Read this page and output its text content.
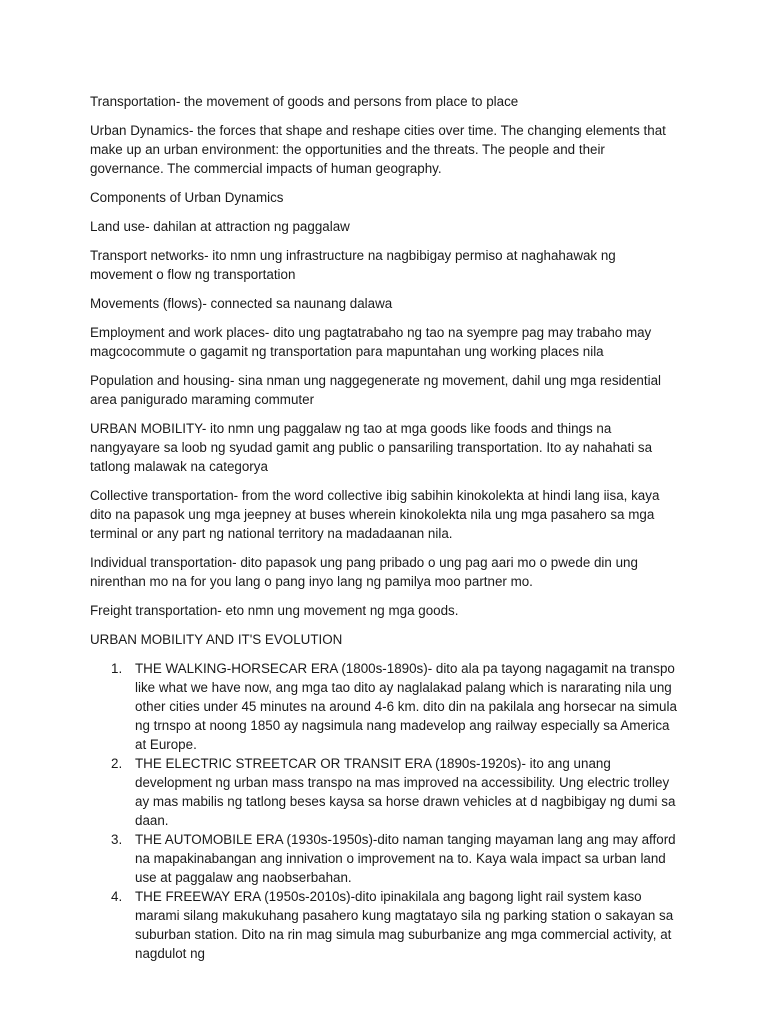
Transportation- the movement of goods and persons from place to place

Urban Dynamics- the forces that shape and reshape cities over time. The changing elements that make up an urban environment: the opportunities and the threats. The people and their governance. The commercial impacts of human geography.

Components of Urban Dynamics

Land use- dahilan at attraction ng paggalaw

Transport networks- ito nmn ung infrastructure na nagbibigay permiso at naghahawak ng movement o flow ng transportation

Movements (flows)- connected sa naunang dalawa

Employment and work places- dito ung pagtatrabaho ng tao na syempre pag may trabaho may magcocommute o gagamit ng transportation para mapuntahan ung working places nila

Population and housing- sina nman ung naggegenerate ng movement, dahil ung mga residential area panigurado maraming commuter

URBAN MOBILITY- ito nmn ung paggalaw ng tao at mga goods like foods and things na nangyayare sa loob ng syudad gamit ang public o pansariling transportation. Ito ay nahahati sa tatlong malawak na categorya

Collective transportation- from the word collective ibig sabihin kinokolekta at hindi lang iisa, kaya dito na papasok ung mga jeepney at buses wherein kinokolekta nila ung mga pasahero sa mga terminal or any part ng national territory na madadaanan nila.

Individual transportation- dito papasok ung pang pribado o ung pag aari mo o pwede din ung nirenthan mo na for you lang o pang inyo lang ng pamilya moo partner mo.

Freight transportation- eto nmn ung movement ng mga goods.

URBAN MOBILITY AND IT'S EVOLUTION

1. THE WALKING-HORSECAR ERA (1800s-1890s)- dito ala pa tayong nagagamit na transpo like what we have now, ang mga tao dito ay naglalakad palang which is nararating nila ung other cities under 45 minutes na around 4-6 km. dito din na pakilala ang horsecar na simula ng trnspo at noong 1850 ay nagsimula nang madevelop ang railway especially sa America at Europe.
2. THE ELECTRIC STREETCAR OR TRANSIT ERA (1890s-1920s)- ito ang unang development ng urban mass transpo na mas improved na accessibility. Ung electric trolley ay mas mabilis ng tatlong beses kaysa sa horse drawn vehicles at d nagbibigay ng dumi sa daan.
3. THE AUTOMOBILE ERA (1930s-1950s)-dito naman tanging mayaman lang ang may afford na mapakinabangan ang innivation o improvement na to. Kaya wala impact sa urban land use at paggalaw ang naobserbahan.
4. THE FREEWAY ERA (1950s-2010s)-dito ipinakilala ang bagong light rail system kaso marami silang makukuhang pasahero kung magtatayo sila ng parking station o sakayan sa suburban station. Dito na rin mag simula mag suburbanize ang mga commercial activity, at nagdulot ng
